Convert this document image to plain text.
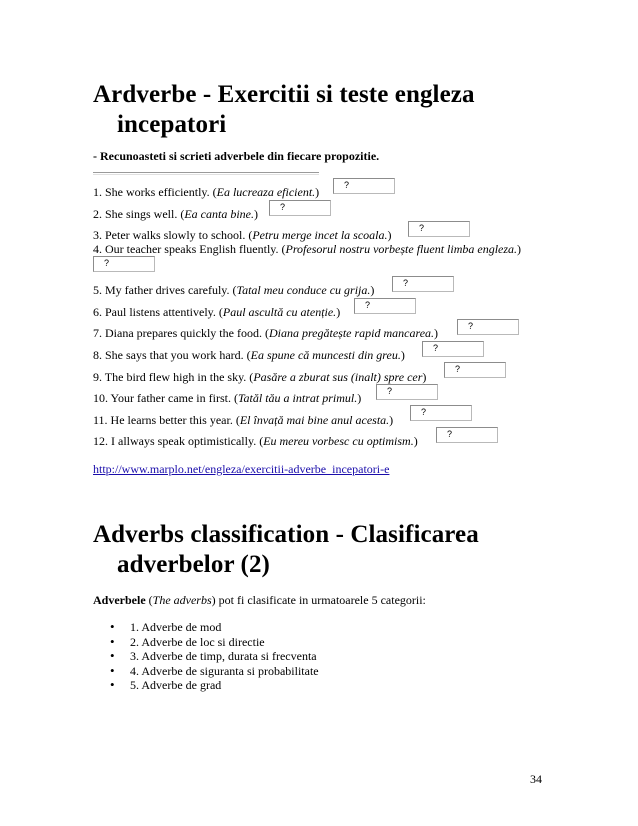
Ardverbe - Exercitii si teste engleza
incepatori
- Recunoasteti si scrieti adverbele din fiecare propozitie.
1. She works efficiently. (Ea lucreaza eficient.)	?
2. She sings well. (Ea canta bine.) ?
3. Peter walks slowly to school. (Petru merge incet la scoala.)	?
4. Our teacher speaks English fluently. (Profesorul nostru vorbește fluent limba engleza.)
?
5. My father drives carefuly. (Tatal meu conduce cu grija.)	?
6. Paul listens attentively. (Paul ascultă cu atenție.)	?
7. Diana prepares quickly the food. (Diana pregătește rapid mancarea.)	?
8. She says that you work hard. (Ea spune că muncesti din greu.)	?
9. The bird flew high in the sky. (Pasăre a zburat sus (inalt) spre cer)
?
10. Your father came in first. (Tatăl tău a intrat primul.)	?
11. He learns better this year. (El învață mai bine anul acesta.)
?
12. I allways speak optimistically. (Eu mereu vorbesc cu optimism.)	?
http://www.marplo.net/engleza/exercitii-adverbe_incepatori-e
Adverbs classification - Clasificarea
adverbelor (2)
Adverbele (The adverbs) pot fi clasificate in urmatoarele 5 categorii:
• 1. Adverbe de mod
• 2. Adverbe de loc si directie
• 3. Adverbe de timp, durata si frecventa
• 4. Adverbe de siguranta si probabilitate
• 5. Adverbe de grad
34
